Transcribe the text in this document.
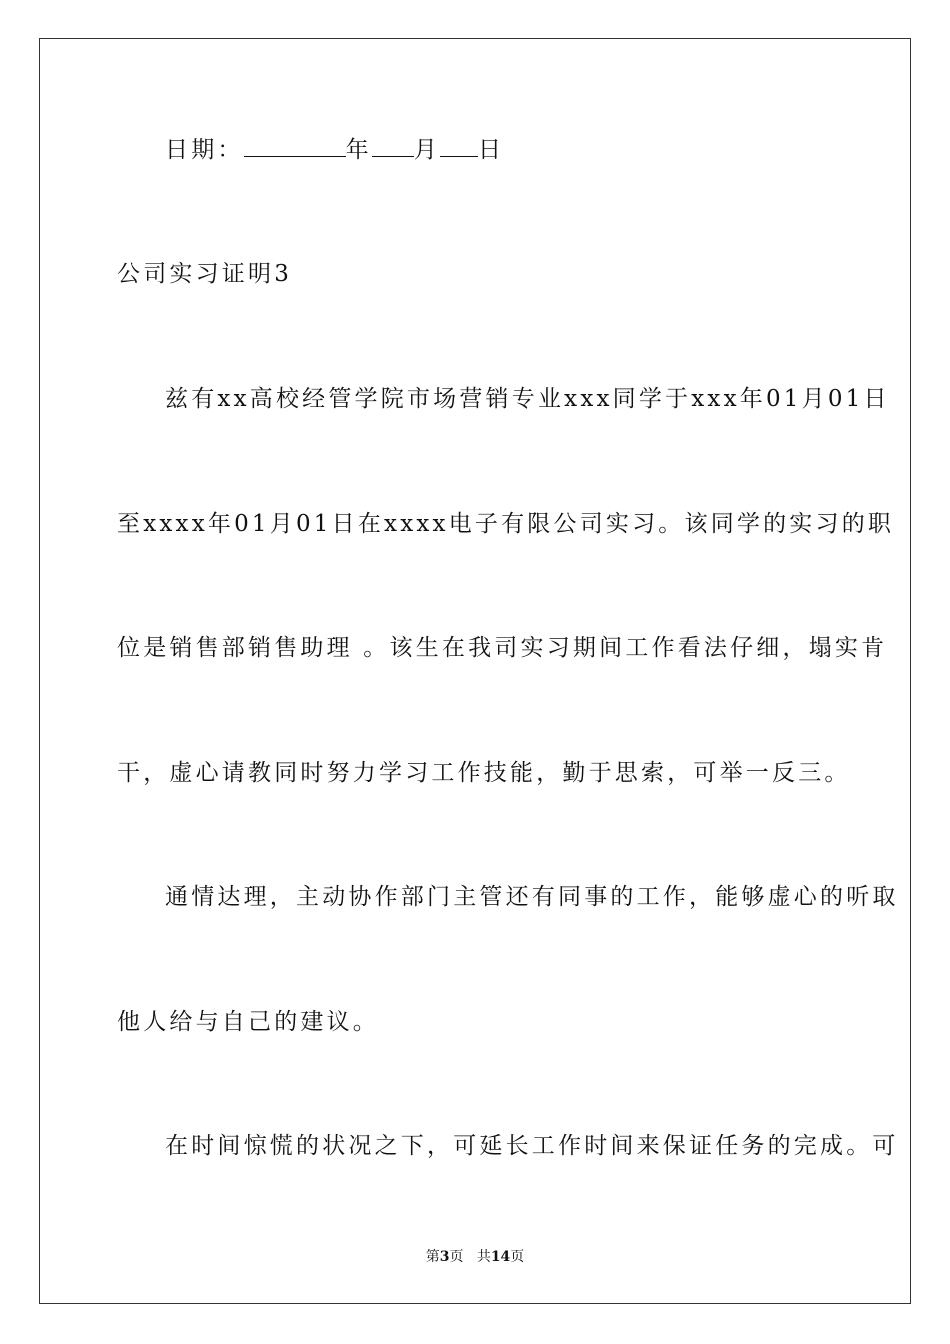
日期：	年 月 日
公司实习证明3
兹有xx高校经管学院市场营销专业xxx同学于xxx年01月01日
至xxxx年01月01日在xxxx电子有限公司实习。该同学的实习的职
位是销售部销售助理 。该生在我司实习期间工作看法仔细，塌实肯
干，虚心请教同时努力学习工作技能，勤于思索，可举一反三。
通情达理，主动协作部门主管还有同事的工作，能够虚心的听取
他人给与自己的建议。
在时间惊慌的状况之下，可延长工作时间来保证任务的完成。可
第3页 共14页
